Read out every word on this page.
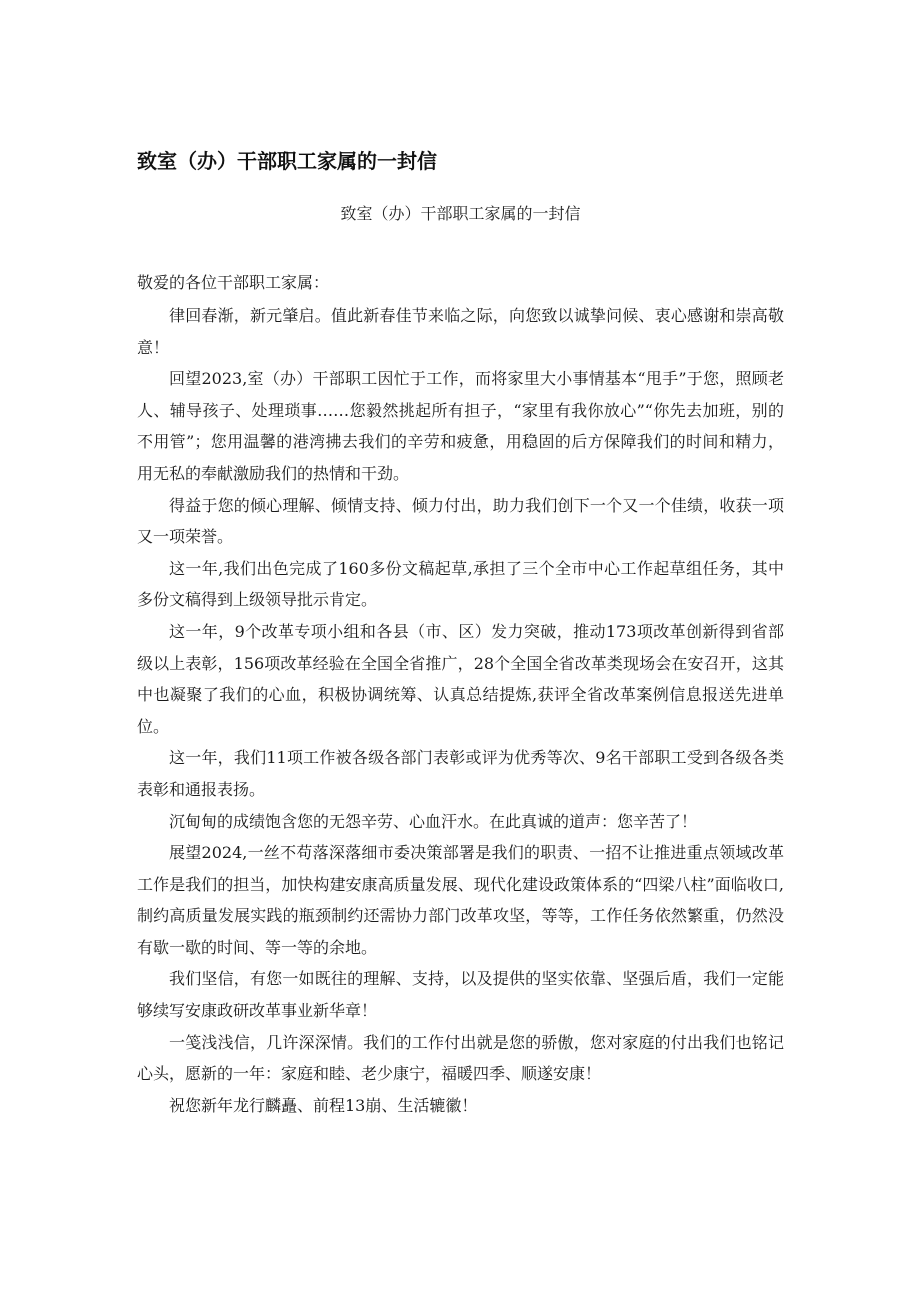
致室（办）干部职工家属的一封信
致室（办）干部职工家属的一封信

敬爱的各位干部职工家属：

律回春渐，新元肇启。值此新春佳节来临之际，向您致以诚挚问候、衷心感谢和崇高敬意！

回望2023,室（办）干部职工因忙于工作，而将家里大小事情基本“甩手”于您，照顾老人、辅导孩子、处理琐事……您毅然挑起所有担子，“家里有我你放心”“你先去加班，别的不用管”；您用温馨的港湾拂去我们的辛劳和疲惫，用稳固的后方保障我们的时间和精力，用无私的奉献激励我们的热情和干劲。

得益于您的倾心理解、倾情支持、倾力付出，助力我们创下一个又一个佳绩，收获一项又一项荣誉。

这一年,我们出色完成了160多份文稿起草,承担了三个全市中心工作起草组任务，其中多份文稿得到上级领导批示肯定。

这一年，9个改革专项小组和各县（市、区）发力突破，推动173项改革创新得到省部级以上表彰，156项改革经验在全国全省推广，28个全国全省改革类现场会在安召开，这其中也凝聚了我们的心血，积极协调统筹、认真总结提炼,获评全省改革案例信息报送先进单位。

这一年，我们11项工作被各级各部门表彰或评为优秀等次、9名干部职工受到各级各类表彰和通报表扬。

沉甸甸的成绩饱含您的无怨辛劳、心血汗水。在此真诚的道声：您辛苦了！

展望2024,一丝不苟落深落细市委决策部署是我们的职责、一招不让推进重点领域改革工作是我们的担当，加快构建安康高质量发展、现代化建设政策体系的“四梁八柱”面临收口,制约高质量发展实践的瓶颈制约还需协力部门改革攻坚，等等，工作任务依然繁重，仍然没有歇一歇的时间、等一等的余地。

我们坚信，有您一如既往的理解、支持，以及提供的坚实依靠、坚强后盾，我们一定能够续写安康政研改革事业新华章！

一笺浅浅信，几许深深情。我们的工作付出就是您的骄傲，您对家庭的付出我们也铭记心头，愿新的一年：家庭和睦、老少康宁，福暖四季、顺遂安康！

祝您新年龙行麟矗、前程13崩、生活辘徽！
